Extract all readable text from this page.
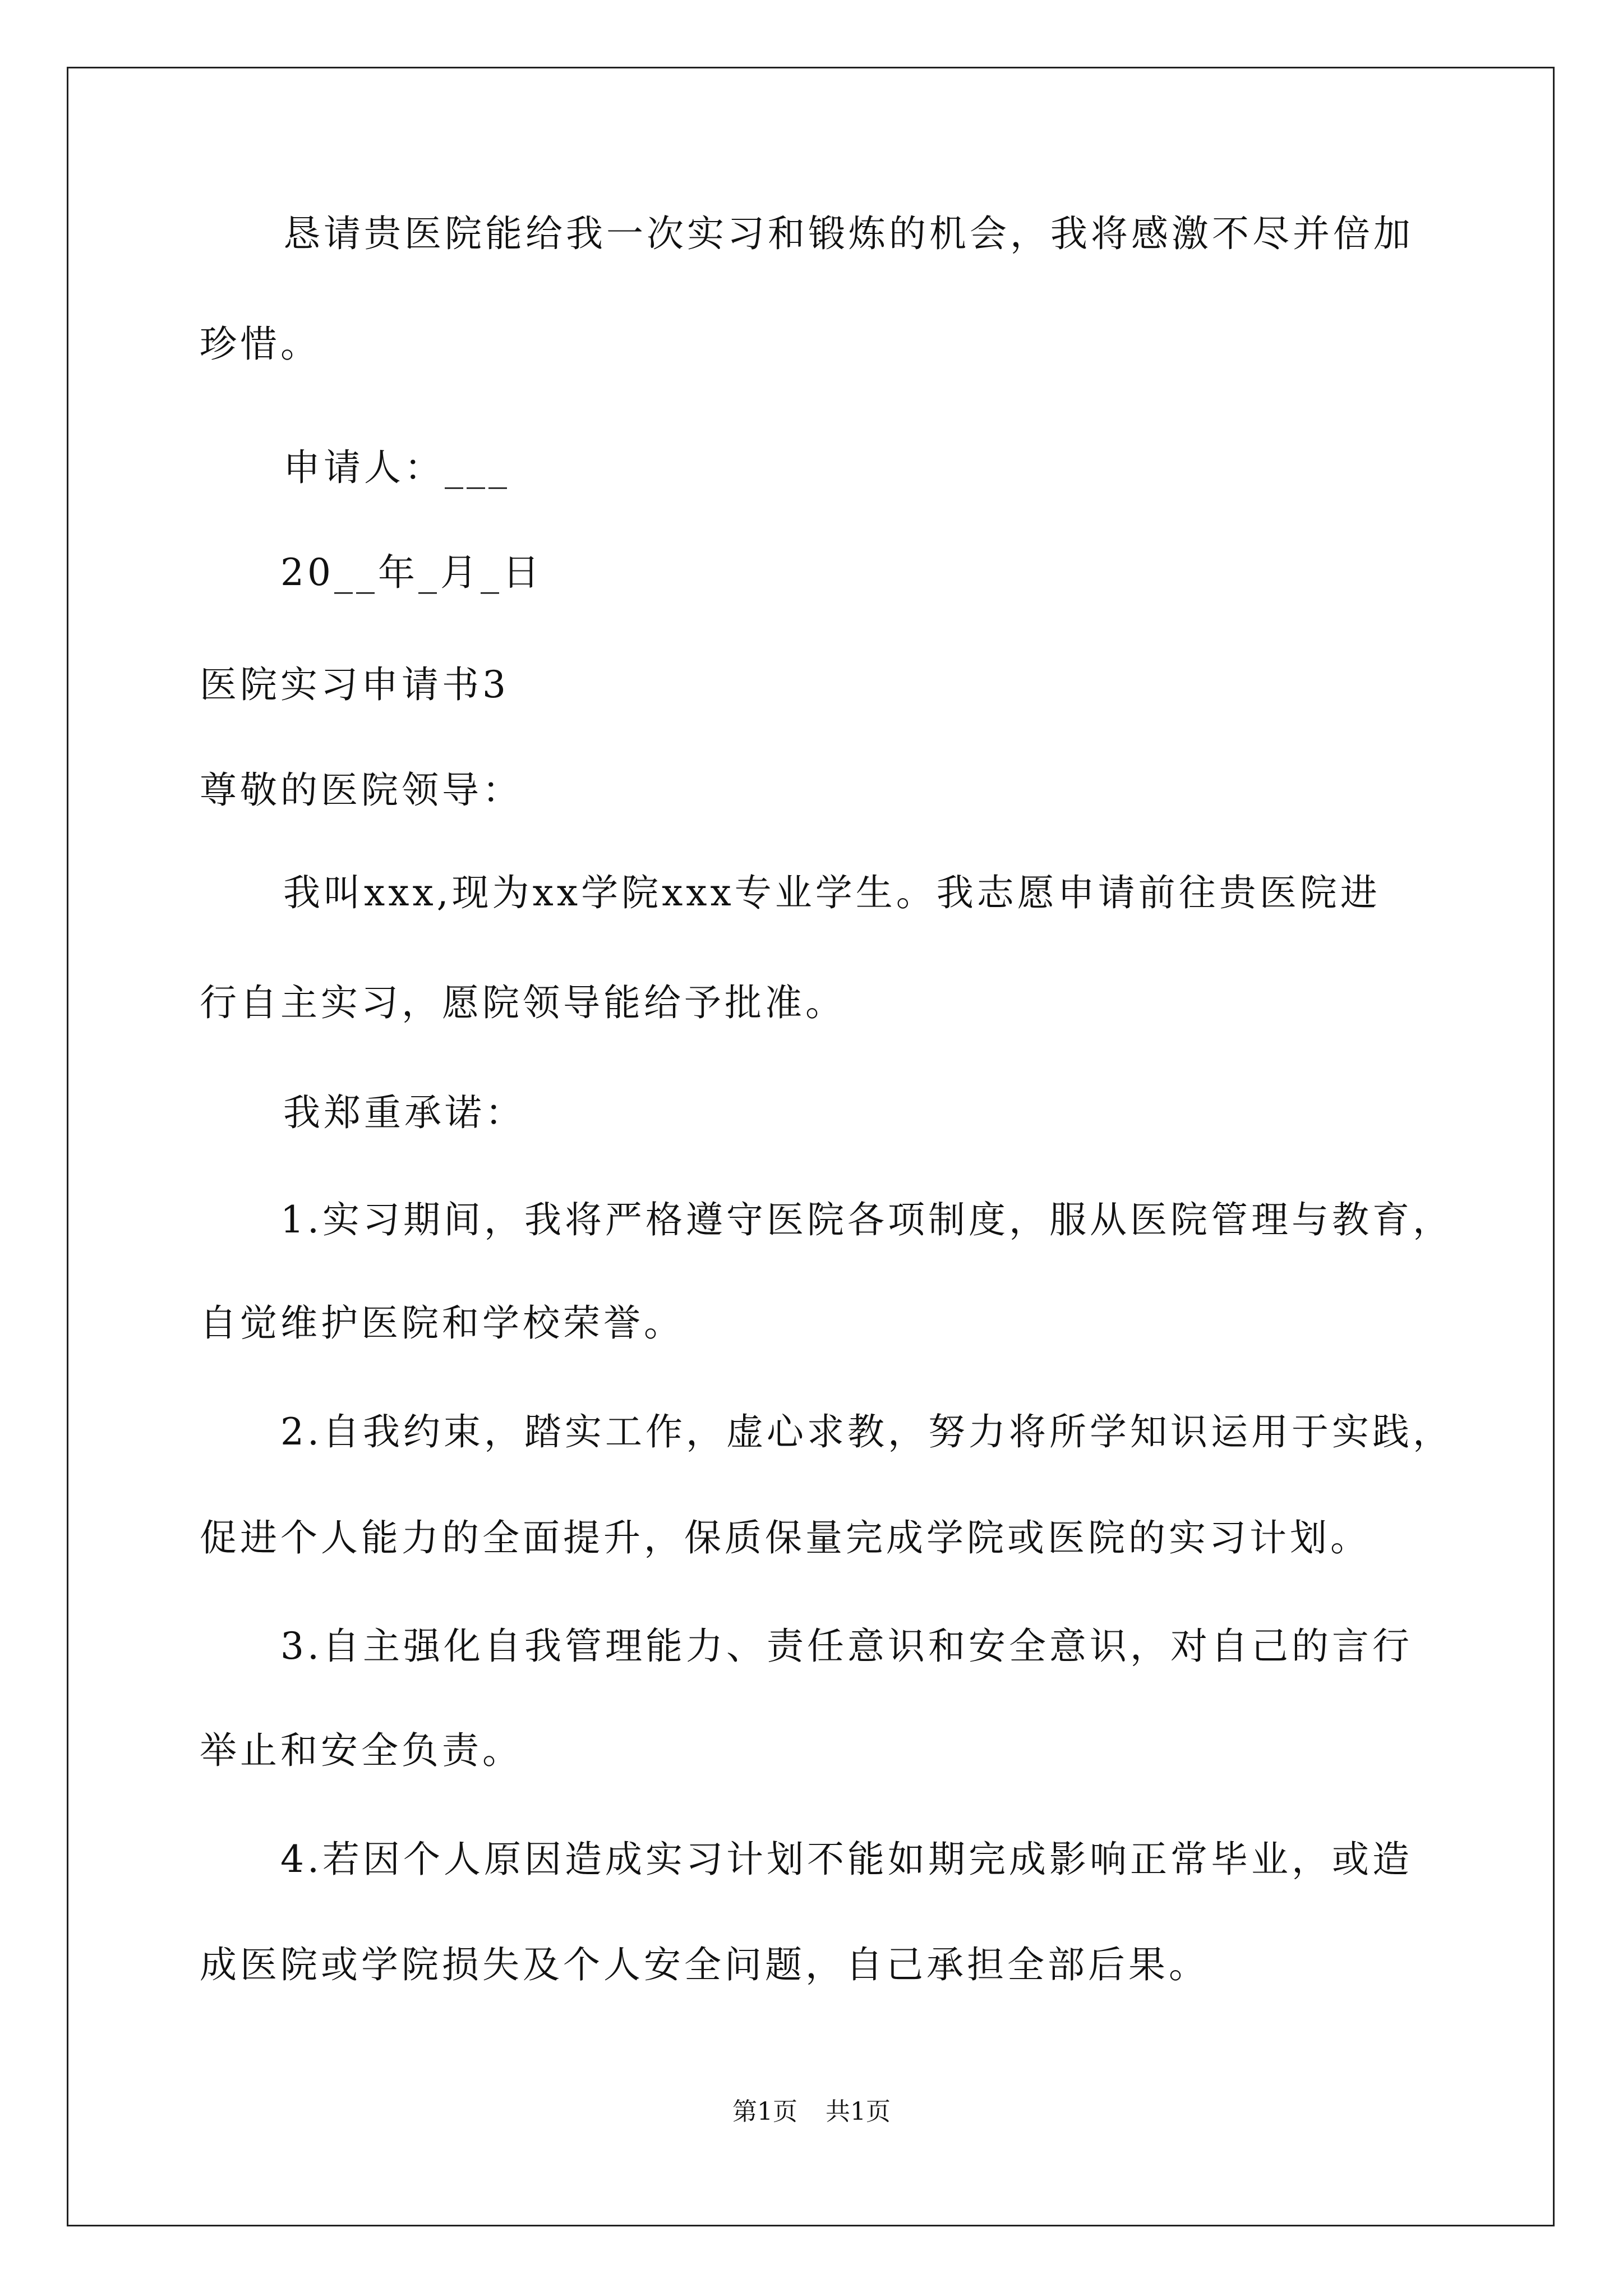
恳请贵医院能给我一次实习和锻炼的机会，我将感激不尽并倍加

珍惜。

申请人：___

20__年_月_日

医院实习申请书3

尊敬的医院领导：

我叫xxx,现为xx学院xxx专业学生。我志愿申请前往贵医院进

行自主实习，愿院领导能给予批准。

我郑重承诺：

1.实习期间，我将严格遵守医院各项制度，服从医院管理与教育，

自觉维护医院和学校荣誉。

2.自我约束，踏实工作，虚心求教，努力将所学知识运用于实践，

促进个人能力的全面提升，保质保量完成学院或医院的实习计划。

3.自主强化自我管理能力、责任意识和安全意识，对自己的言行

举止和安全负责。

4.若因个人原因造成实习计划不能如期完成影响正常毕业，或造

成医院或学院损失及个人安全问题，自己承担全部后果。

第1页 共1页
